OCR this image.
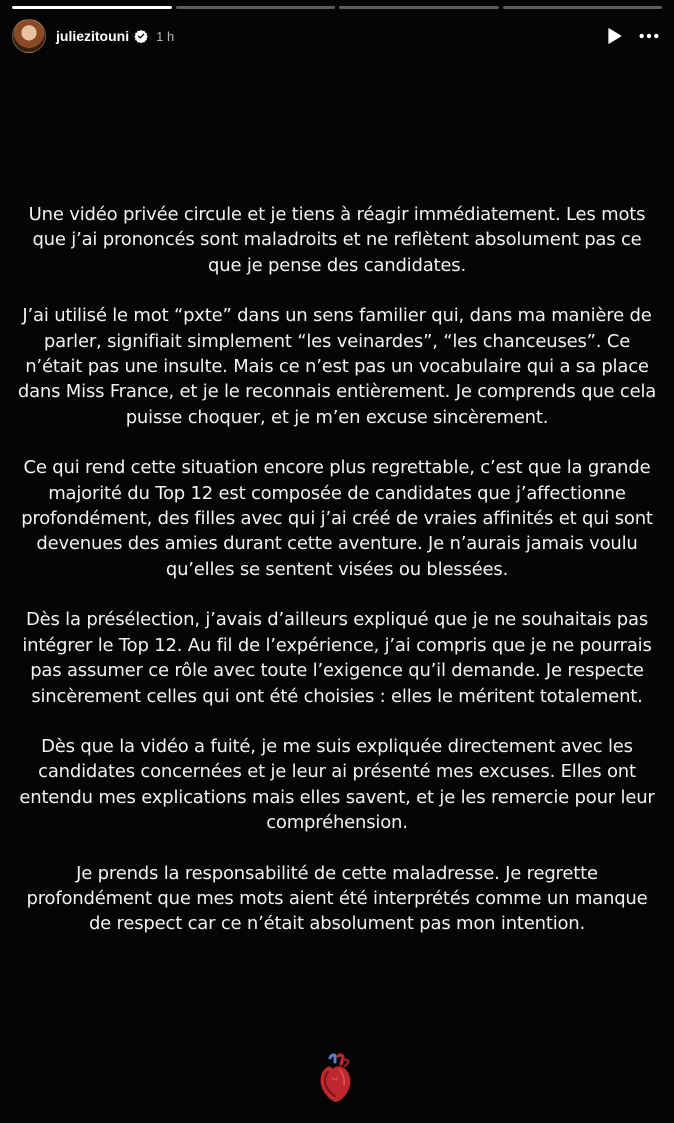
juliezitouni 1 h

Une vidéo privée circule et je tiens à réagir immédiatement. Les mots que j’ai prononcés sont maladroits et ne reflètent absolument pas ce que je pense des candidates.

J’ai utilisé le mot “pxte” dans un sens familier qui, dans ma manière de parler, signifiait simplement “les veinardes”, “les chanceuses”. Ce n’était pas une insulte. Mais ce n’est pas un vocabulaire qui a sa place dans Miss France, et je le reconnais entièrement. Je comprends que cela puisse choquer, et je m’en excuse sincèrement.

Ce qui rend cette situation encore plus regrettable, c’est que la grande majorité du Top 12 est composée de candidates que j’affectionne profondément, des filles avec qui j’ai créé de vraies affinités et qui sont devenues des amies durant cette aventure. Je n’aurais jamais voulu qu’elles se sentent visées ou blessées.

Dès la présélection, j’avais d’ailleurs expliqué que je ne souhaitais pas intégrer le Top 12. Au fil de l’expérience, j’ai compris que je ne pourrais pas assumer ce rôle avec toute l’exigence qu’il demande. Je respecte sincèrement celles qui ont été choisies : elles le méritent totalement.

Dès que la vidéo a fuité, je me suis expliquée directement avec les candidates concernées et je leur ai présenté mes excuses. Elles ont entendu mes explications mais elles savent, et je les remercie pour leur compréhension.

Je prends la responsabilité de cette maladresse. Je regrette profondément que mes mots aient été interprétés comme un manque de respect car ce n’était absolument pas mon intention.
